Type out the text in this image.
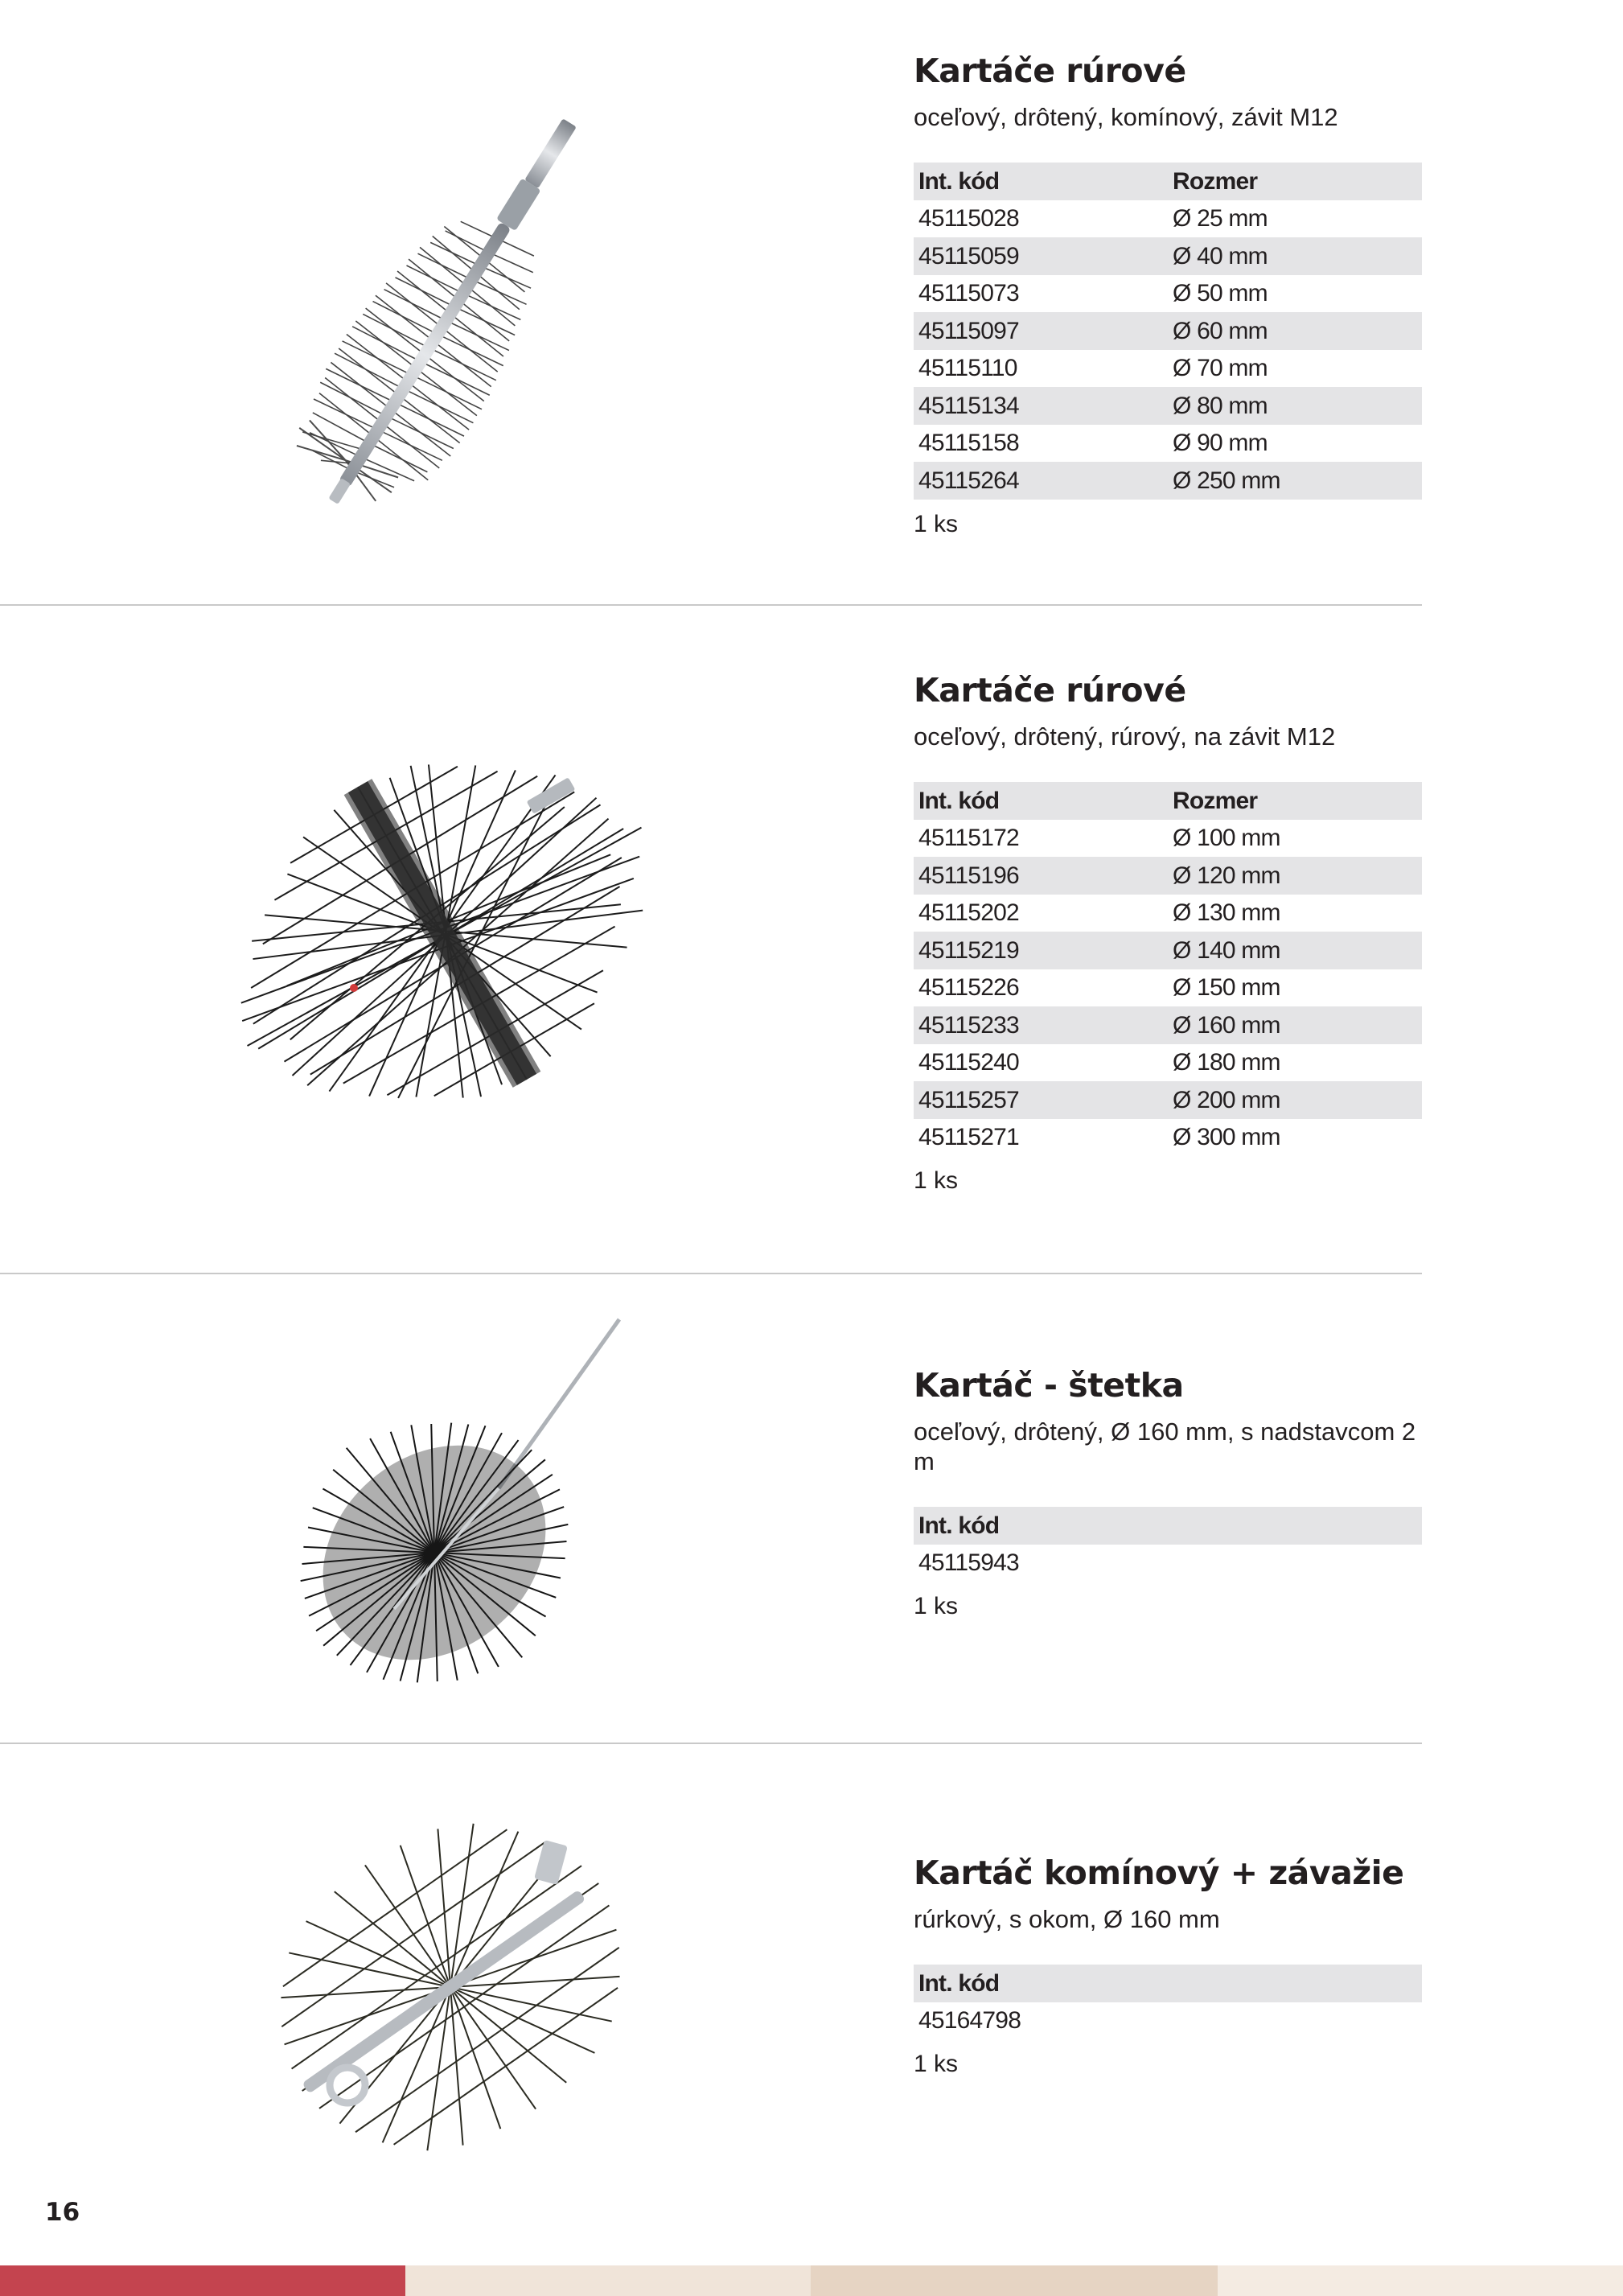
Kartáče rúrové
oceľový, drôtený, komínový, závit M12
Int. kód	Rozmer
45115028	Ø 25 mm
45115059	Ø 40 mm
45115073	Ø 50 mm
45115097	Ø 60 mm
45115110	Ø 70 mm
45115134	Ø 80 mm
45115158	Ø 90 mm
45115264	Ø 250 mm
1 ks
Kartáče rúrové
oceľový, drôtený, rúrový, na závit M12
Int. kód	Rozmer
45115172	Ø 100 mm
45115196	Ø 120 mm
45115202	Ø 130 mm
45115219	Ø 140 mm
45115226	Ø 150 mm
45115233	Ø 160 mm
45115240	Ø 180 mm
45115257	Ø 200 mm
45115271	Ø 300 mm
1 ks
Kartáč - štetka
oceľový, drôtený, Ø 160 mm, s nadstavcom 2 m
Int. kód
45115943
1 ks
Kartáč komínový + závažie
rúrkový, s okom, Ø 160 mm
Int. kód
45164798
1 ks
16
